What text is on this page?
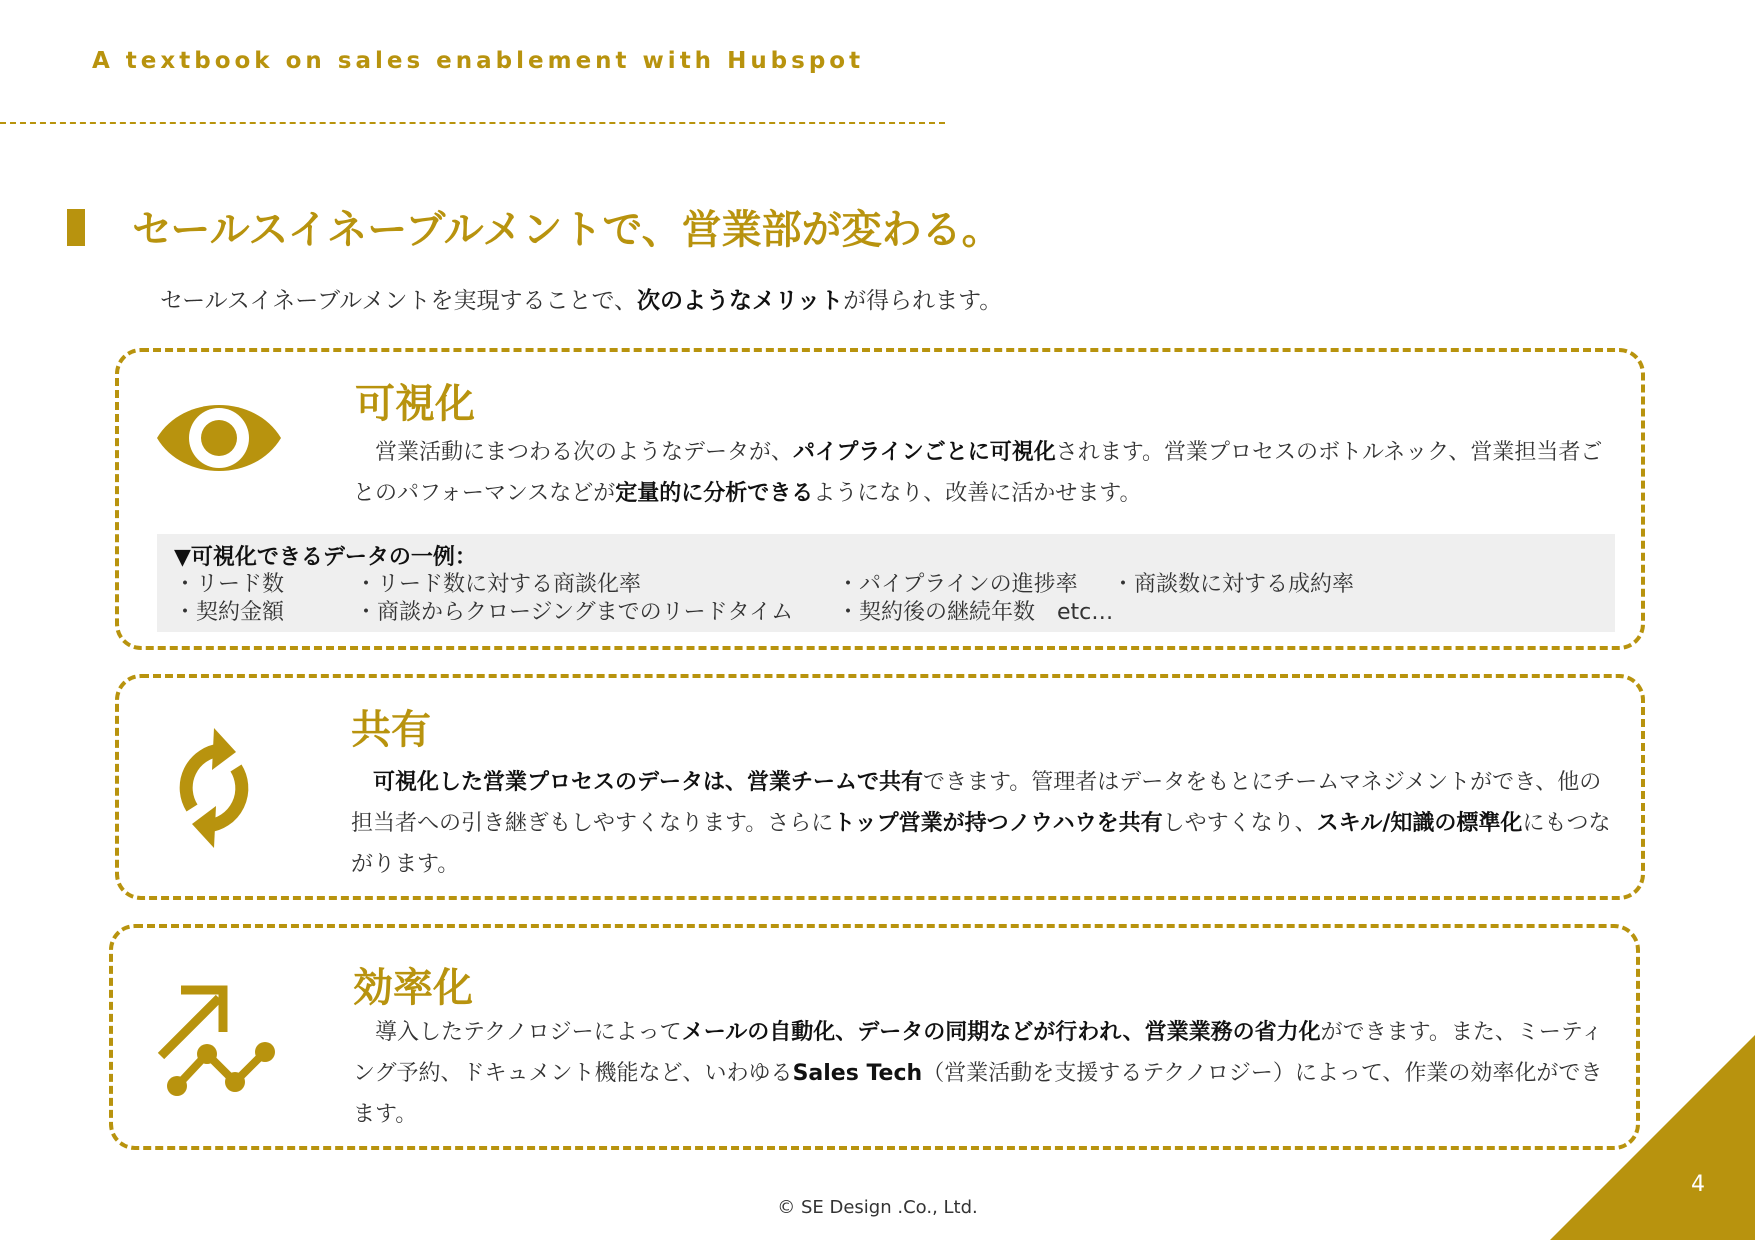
A textbook on sales enablement with Hubspot
セールスイネーブルメントで、営業部が変わる。
セールスイネーブルメントを実現することで、次のようなメリットが得られます。
可視化
　営業活動にまつわる次のようなデータが、パイプラインごとに可視化されます。営業プロセスのボトルネック、営業担当者ごとのパフォーマンスなどが定量的に分析できるようになり、改善に活かせます。
▼可視化できるデータの一例：
・リード数	・リード数に対する商談化率	・パイプラインの進捗率 ・商談数に対する成約率
・契約金額	・商談からクロージングまでのリードタイム ・契約後の継続年数　etc…
共有
　可視化した営業プロセスのデータは、営業チームで共有できます。管理者はデータをもとにチームマネジメントができ、他の担当者への引き継ぎもしやすくなります。さらにトップ営業が持つノウハウを共有しやすくなり、スキル/知識の標準化にもつながります。
効率化
　導入したテクノロジーによってメールの自動化、データの同期などが行われ、営業業務の省力化ができます。また、ミーティング予約、ドキュメント機能など、いわゆるSales Tech（営業活動を支援するテクノロジー）によって、作業の効率化ができます。
4
© SE Design .Co., Ltd.
